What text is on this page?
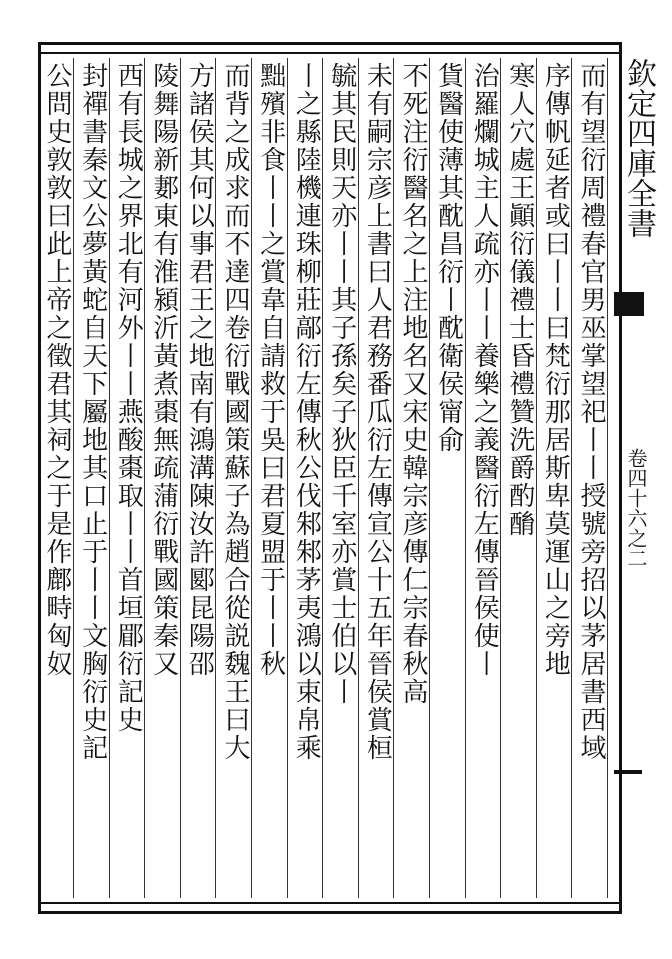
欽定四庫全書
卷四十六之二
而有望衍周禮春官男巫掌望祀丨丨授號旁招以茅居書西域
序傳帆延者或曰丨丨曰梵衍那居斯卑莫運山之旁地
寒人穴處王顚衍儀禮士昏禮贊洗爵酌酳
治羅爛城主人疏亦丨丨養樂之義醫衍左傳晉侯使丨
貨醫使薄其酖昌衍丨酖衛侯甯俞
不死注衍醫名之上注地名又宋史韓宗彦傳仁宗春秋高
未有嗣宗彦上書曰人君務番瓜衍左傳宣公十五年晉侯賞桓
毓其民則天亦丨丨其子孫矣子狄臣千室亦賞士伯以丨
丨之縣陸機連珠柳莊鄗衍左傳秋公伐邾邾茅夷鴻以束帛乘
黜殯非食丨丨之賞韋自請救于吳曰君夏盟于丨丨秋
而背之成求而不達四卷衍戰國策蘇子為趙合從説魏王曰大
方諸侯其何以事君王之地南有鴻溝陳汝許郾昆陽邵
陵舞陽新郪東有淮潁沂黃煮棗無疏蒲衍戰國策秦又
西有長城之界北有河外丨丨燕酸棗取丨丨首垣郿衍記史
封禪書秦文公夢黃蛇自天下屬地其口止于丨丨文胸衍史記
公問史敦敦曰此上帝之徵君其祠之于是作鄜畤匈奴
